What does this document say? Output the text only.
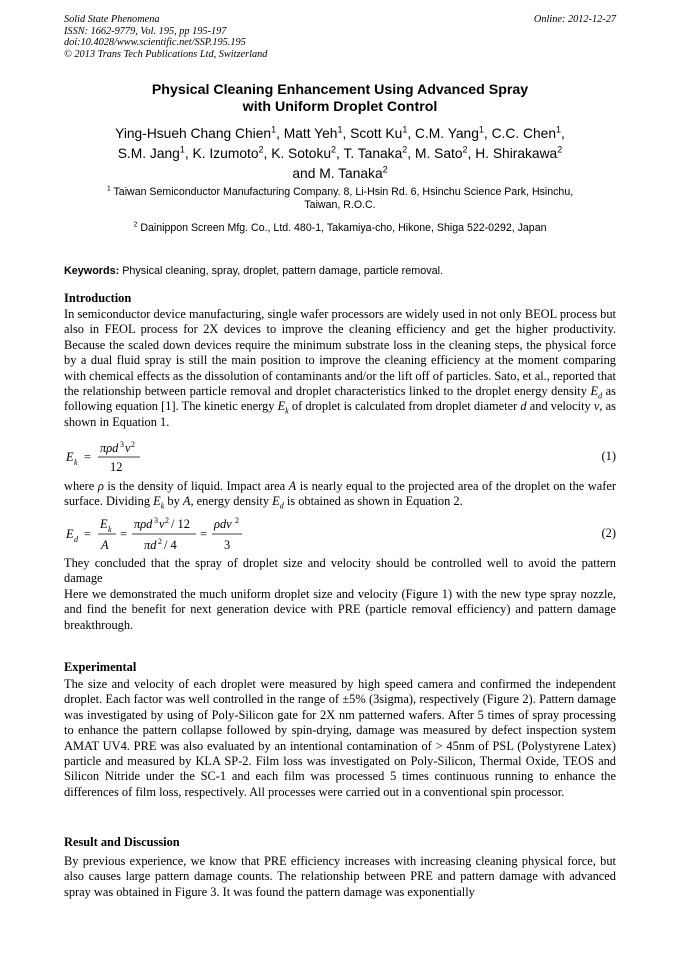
Solid State Phenomena
ISSN: 1662-9779, Vol. 195, pp 195-197
doi:10.4028/www.scientific.net/SSP.195.195
© 2013 Trans Tech Publications Ltd, Switzerland
Online: 2012-12-27
Physical Cleaning Enhancement Using Advanced Spray
with Uniform Droplet Control
Ying-Hsueh Chang Chien$^1$, Matt Yeh$^1$, Scott Ku$^1$, C.M. Yang$^1$, C.C. Chen$^1$,
S.M. Jang$^1$, K. Izumoto$^2$, K. Sotoku$^2$, T. Tanaka$^2$, M. Sato$^2$, H. Shirakawa$^2$
and M. Tanaka$^2$
$^1$ Taiwan Semiconductor Manufacturing Company. 8, Li-Hsin Rd. 6, Hsinchu Science Park, Hsinchu,
Taiwan, R.O.C.
$^2$ Dainippon Screen Mfg. Co., Ltd. 480-1, Takamiya-cho, Hikone, Shiga 522-0292, Japan
Keywords: Physical cleaning, spray, droplet, pattern damage, particle removal.
Introduction
In semiconductor device manufacturing, single wafer processors are widely used in not only BEOL process but also in FEOL process for 2X devices to improve the cleaning efficiency and get the higher productivity. Because the scaled down devices require the minimum substrate loss in the cleaning steps, the physical force by a dual fluid spray is still the main position to improve the cleaning efficiency at the moment comparing with chemical effects as the dissolution of contaminants and/or the lift off of particles. Sato, et al., reported that the relationship between particle removal and droplet characteristics linked to the droplet energy density $E_d$ as following equation [1]. The kinetic energy $E_k$ of droplet is calculated from droplet diameter d and velocity v, as shown in Equation 1.
E k =
πρd 3 v 2
12
(1)
where ρ is the density of liquid. Impact area A is nearly equal to the projected area of the droplet on the wafer surface. Dividing $E_k$ by A, energy density $E_d$ is obtained as shown in Equation 2.
E d =
E k
A
=
πρd 3 v 2 / 12
πd 2 / 4
=
ρdv 2
3
(2)
They concluded that the spray of droplet size and velocity should be controlled well to avoid the pattern damage
Here we demonstrated the much uniform droplet size and velocity (Figure 1) with the new type spray nozzle, and find the benefit for next generation device with PRE (particle removal efficiency) and pattern damage breakthrough.
Experimental
The size and velocity of each droplet were measured by high speed camera and confirmed the independent droplet. Each factor was well controlled in the range of ±5% (3sigma), respectively (Figure 2). Pattern damage was investigated by using of Poly-Silicon gate for 2X nm patterned wafers. After 5 times of spray processing to enhance the pattern collapse followed by spin-drying, damage was measured by defect inspection system AMAT UV4. PRE was also evaluated by an intentional contamination of > 45nm of PSL (Polystyrene Latex) particle and measured by KLA SP-2. Film loss was investigated on Poly-Silicon, Thermal Oxide, TEOS and Silicon Nitride under the SC-1 and each film was processed 5 times continuous running to enhance the differences of film loss, respectively. All processes were carried out in a conventional spin processor.
Result and Discussion
By previous experience, we know that PRE efficiency increases with increasing cleaning physical force, but also causes large pattern damage counts. The relationship between PRE and pattern damage with advanced spray was obtained in Figure 3. It was found the pattern damage was exponentially
